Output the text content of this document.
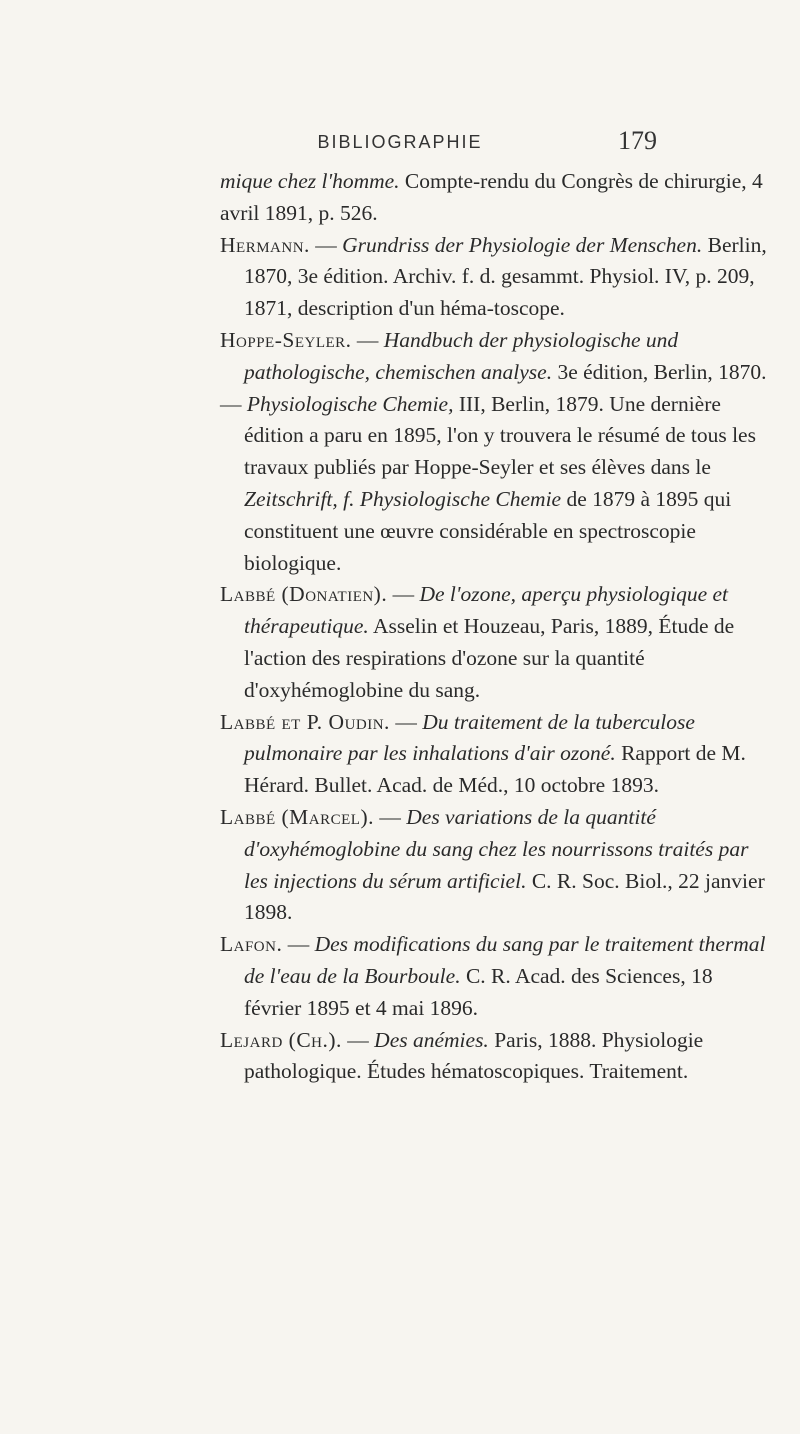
BIBLIOGRAPHIE	179

mique chez l'homme. Compte-rendu du Congrès de chirurgie, 4 avril 1891, p. 526.

Hermann. — Grundriss der Physiologie der Menschen. Berlin, 1870, 3e édition. Archiv. f. d. gesammt. Physiol. IV, p. 209, 1871, description d'un héma-toscope.

Hoppe-Seyler. — Handbuch der physiologische und pathologische, chemischen analyse. 3e édition, Berlin, 1870.

— Physiologische Chemie, III, Berlin, 1879. Une dernière édition a paru en 1895, l'on y trouvera le résumé de tous les travaux publiés par Hoppe-Seyler et ses élèves dans le Zeitschrift, f. Physiologische Chemie de 1879 à 1895 qui constituent une œuvre considérable en spectroscopie biologique.

Labbé (Donatien). — De l'ozone, aperçu physiologique et thérapeutique. Asselin et Houzeau, Paris, 1889, Étude de l'action des respirations d'ozone sur la quantité d'oxyhémoglobine du sang.

Labbé et P. Oudin. — Du traitement de la tuberculose pulmonaire par les inhalations d'air ozoné. Rapport de M. Hérard. Bullet. Acad. de Méd., 10 octobre 1893.

Labbé (Marcel). — Des variations de la quantité d'oxyhémoglobine du sang chez les nourrissons traités par les injections du sérum artificiel. C. R. Soc. Biol., 22 janvier 1898.

Lafon. — Des modifications du sang par le traitement thermal de l'eau de la Bourboule. C. R. Acad. des Sciences, 18 février 1895 et 4 mai 1896.

Lejard (Ch.). — Des anémies. Paris, 1888. Physiologie pathologique. Études hématoscopiques. Traitement.
